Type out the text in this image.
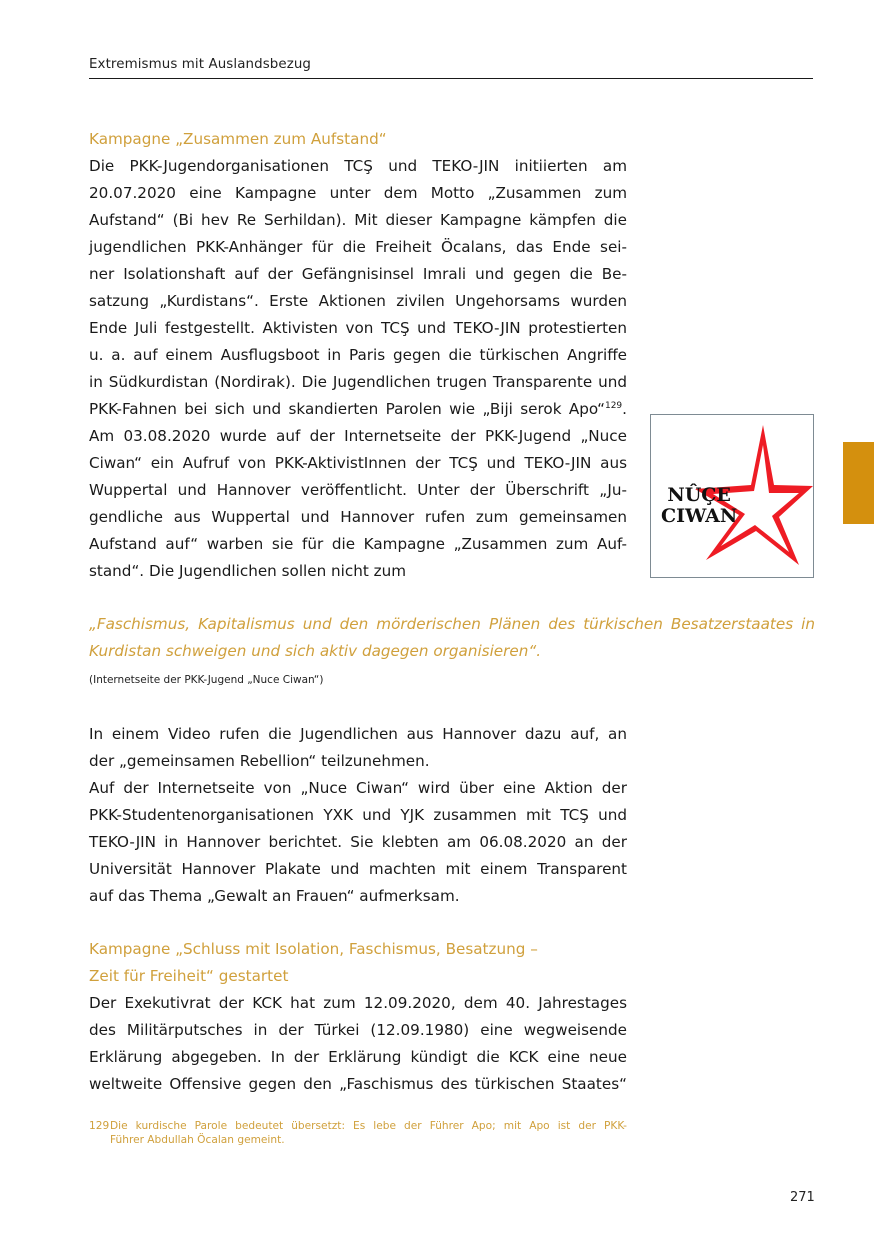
Extremismus mit Auslandsbezug
Kampagne „Zusammen zum Aufstand“
Die PKK-Jugendorganisationen TCŞ und TEKO-JIN initiierten am
20.07.2020 eine Kampagne unter dem Motto „Zusammen zum
Aufstand“ (Bi hev Re Serhildan). Mit dieser Kampagne kämpfen die
jugendlichen PKK-Anhänger für die Freiheit Öcalans, das Ende sei-
ner Isolationshaft auf der Gefängnisinsel Imrali und gegen die Be-
satzung „Kurdistans“. Erste Aktionen zivilen Ungehorsams wurden
Ende Juli festgestellt. Aktivisten von TCŞ und TEKO-JIN protestierten
u. a. auf einem Ausflugsboot in Paris gegen die türkischen Angriffe
in Südkurdistan (Nordirak). Die Jugendlichen trugen Transparente und
PKK-Fahnen bei sich und skandierten Parolen wie „Biji serok Apo“$^{129}$.
Am 03.08.2020 wurde auf der Internetseite der PKK-Jugend „Nuce
Ciwan“ ein Aufruf von PKK-AktivistInnen der TCŞ und TEKO-JIN aus
Wuppertal und Hannover veröffentlicht. Unter der Überschrift „Ju-
gendliche aus Wuppertal und Hannover rufen zum gemeinsamen
Aufstand auf“ warben sie für die Kampagne „Zusammen zum Auf-
stand“. Die Jugendlichen sollen nicht zum
NÛÇE
CIWAN
„Faschismus, Kapitalismus und den mörderischen Plänen des türkischen Besatzerstaates in
Kurdistan schweigen und sich aktiv dagegen organisieren“.
(Internetseite der PKK-Jugend „Nuce Ciwan“)
In einem Video rufen die Jugendlichen aus Hannover dazu auf, an
der „gemeinsamen Rebellion“ teilzunehmen.
Auf der Internetseite von „Nuce Ciwan“ wird über eine Aktion der
PKK-Studentenorganisationen YXK und YJK zusammen mit TCŞ und
TEKO-JIN in Hannover berichtet. Sie klebten am 06.08.2020 an der
Universität Hannover Plakate und machten mit einem Transparent
auf das Thema „Gewalt an Frauen“ aufmerksam.
Kampagne „Schluss mit Isolation, Faschismus, Besatzung –
Zeit für Freiheit“ gestartet
Der Exekutivrat der KCK hat zum 12.09.2020, dem 40. Jahrestages
des Militärputsches in der Türkei (12.09.1980) eine wegweisende
Erklärung abgegeben. In der Erklärung kündigt die KCK eine neue
weltweite Offensive gegen den „Faschismus des türkischen Staates“
129 Die kurdische Parole bedeutet übersetzt: Es lebe der Führer Apo; mit Apo ist der PKK-
Führer Abdullah Öcalan gemeint.
271
